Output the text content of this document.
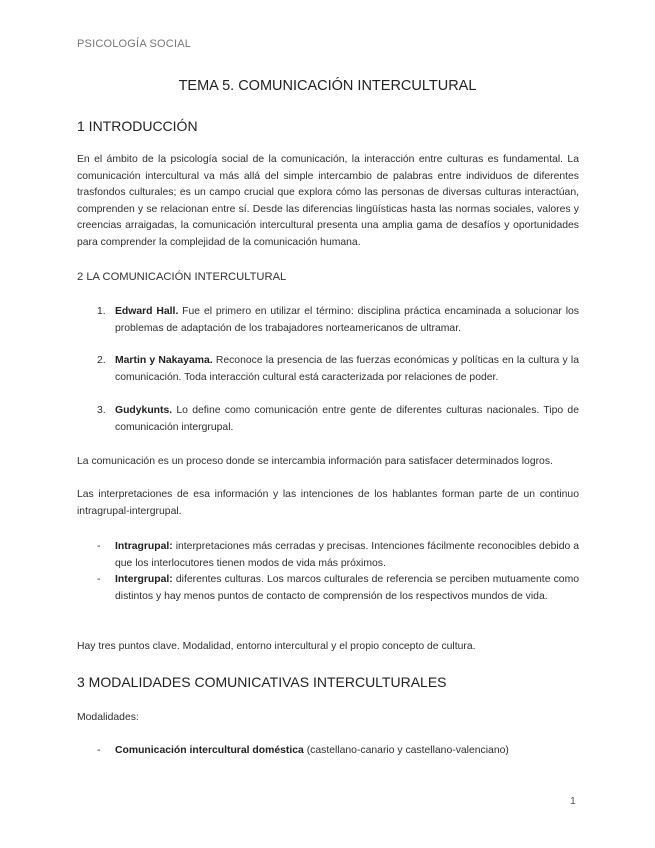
PSICOLOGÍA SOCIAL
TEMA 5. COMUNICACIÓN INTERCULTURAL
1 INTRODUCCIÓN

En el ámbito de la psicología social de la comunicación, la interacción entre culturas es fundamental. La comunicación intercultural va más allá del simple intercambio de palabras entre individuos de diferentes trasfondos culturales; es un campo crucial que explora cómo las personas de diversas culturas interactúan, comprenden y se relacionan entre sí. Desde las diferencias lingüísticas hasta las normas sociales, valores y creencias arraigadas, la comunicación intercultural presenta una amplia gama de desafíos y oportunidades para comprender la complejidad de la comunicación humana.

2 LA COMUNICACIÓN INTERCULTURAL
1. Edward Hall. Fue el primero en utilizar el término: disciplina práctica encaminada a solucionar los problemas de adaptación de los trabajadores norteamericanos de ultramar.
2. Martin y Nakayama. Reconoce la presencia de las fuerzas económicas y políticas en la cultura y la comunicación. Toda interacción cultural está caracterizada por relaciones de poder.
3. Gudykunts. Lo define como comunicación entre gente de diferentes culturas nacionales. Tipo de comunicación intergrupal.

La comunicación es un proceso donde se intercambia información para satisfacer determinados logros.

Las interpretaciones de esa información y las intenciones de los hablantes forman parte de un continuo intragrupal-intergrupal.

- Intragrupal: interpretaciones más cerradas y precisas. Intenciones fácilmente reconocibles debido a que los interlocutores tienen modos de vida más próximos.
- Intergrupal: diferentes culturas. Los marcos culturales de referencia se perciben mutuamente como distintos y hay menos puntos de contacto de comprensión de los respectivos mundos de vida.

Hay tres puntos clave. Modalidad, entorno intercultural y el propio concepto de cultura.

3 MODALIDADES COMUNICATIVAS INTERCULTURALES

Modalidades:

- Comunicación intercultural doméstica (castellano-canario y castellano-valenciano)
1
